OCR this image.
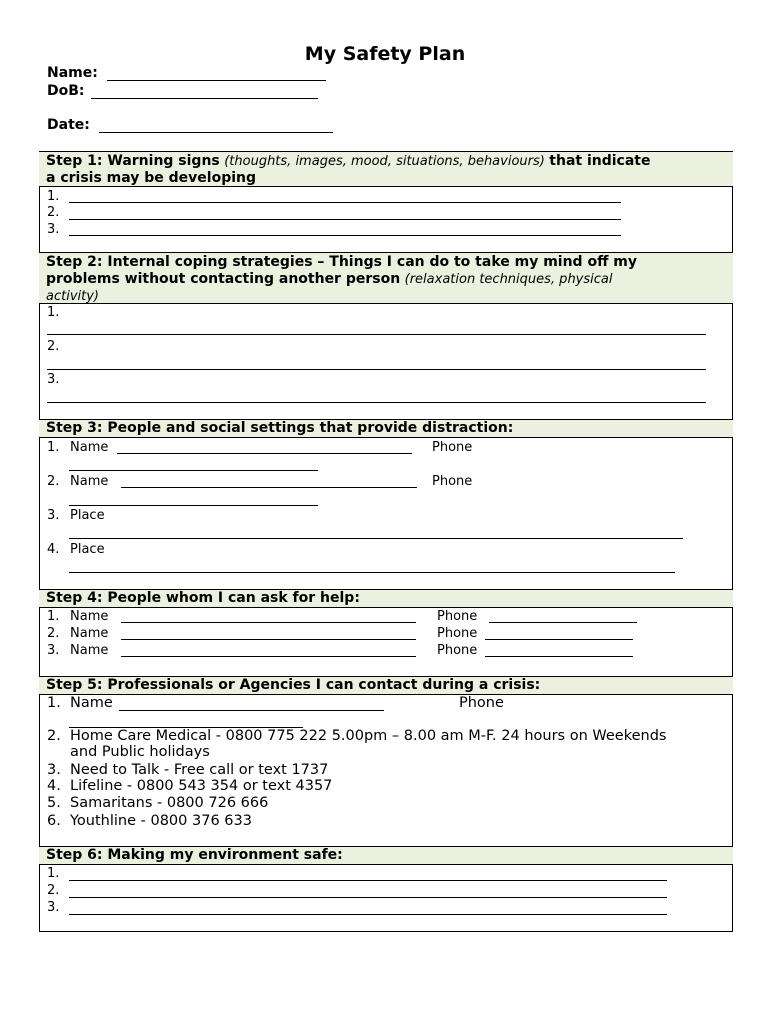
My Safety Plan
Name:
DoB:
Date:
Step 1: Warning signs (thoughts, images, mood, situations, behaviours) that indicate
a crisis may be developing
1.
2.
3.
Step 2: Internal coping strategies – Things I can do to take my mind off my
problems without contacting another person (relaxation techniques, physical
activity)
1.
2.
3.
Step 3: People and social settings that provide distraction:
1. Name	Phone
2. Name	Phone
3. Place
4. Place
Step 4: People whom I can ask for help:
1. Name	Phone
2. Name	Phone
3. Name	Phone
Step 5: Professionals or Agencies I can contact during a crisis:
1. Name	Phone
2. Home Care Medical - 0800 775 222 5.00pm – 8.00 am M-F. 24 hours on Weekends
and Public holidays
3. Need to Talk - Free call or text 1737
4. Lifeline - 0800 543 354 or text 4357
5. Samaritans - 0800 726 666
6. Youthline - 0800 376 633
Step 6: Making my environment safe:
1.
2.
3.
